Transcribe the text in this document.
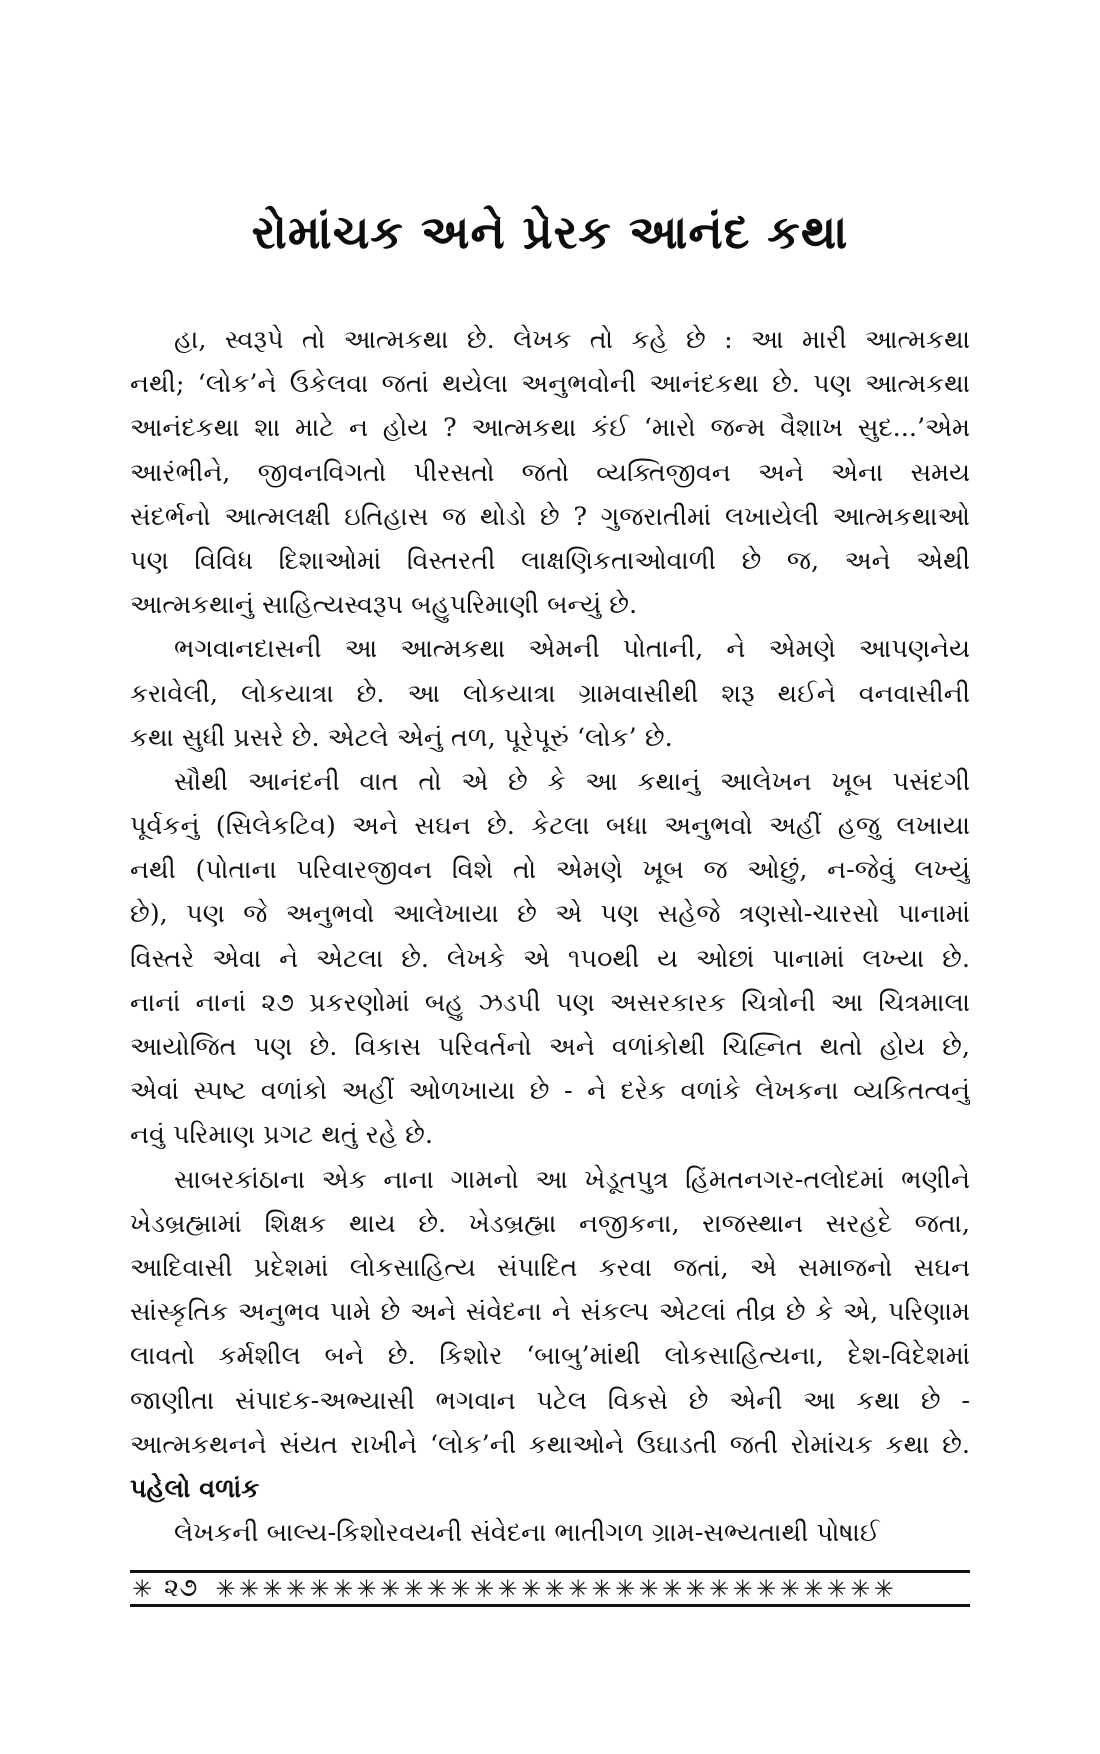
રોમાંચક અને પ્રેરક આનંદ કથા
હા, સ્વરૂપે તો આત્મકથા છે. લેખક તો કહે છે : આ મારી આત્મકથા
નથી; ‘લોક’ને ઉકેલવા જતાં થયેલા અનુભવોની આનંદકથા છે. પણ આત્મકથા
આનંદકથા શા માટે ન હોય ? આત્મકથા કંઈ ‘મારો જન્મ વૈશાખ સુદ...’એમ
આરંભીને, જીવનવિગતો પીરસતો જતો વ્યક્તિજીવન અને એના સમય
સંદર્ભનો આત્મલક્ષી ઇતિહાસ જ થોડો છે ? ગુજરાતીમાં લખાયેલી આત્મકથાઓ
પણ વિવિધ દિશાઓમાં વિસ્તરતી લાક્ષણિકતાઓવાળી છે જ, અને એથી
આત્મકથાનું સાહિત્યસ્વરૂપ બહુપરિમાણી બન્યું છે.
ભગવાનદાસની આ આત્મકથા એમની પોતાની, ને એમણે આપણનેય
કરાવેલી, લોકયાત્રા છે. આ લોકયાત્રા ગ્રામવાસીથી શરૂ થઈને વનવાસીની
કથા સુધી પ્રસરે છે. એટલે એનું તળ, પૂરેપૂરું ‘લોક’ છે.
સૌથી આનંદની વાત તો એ છે કે આ કથાનું આલેખન ખૂબ પસંદગી
પૂર્વકનું (સિલેકટિવ) અને સઘન છે. કેટલા બધા અનુભવો અહીં હજુ લખાયા
નથી (પોતાના પરિવારજીવન વિશે તો એમણે ખૂબ જ ઓછું, ન-જેવું લખ્યું
છે), પણ જે અનુભવો આલેખાયા છે એ પણ સહેજે ત્રણસો-ચારસો પાનામાં
વિસ્તરે એવા ને એટલા છે. લેખકે એ ૧૫૦થી ય ઓછાં પાનામાં લખ્યા છે.
નાનાં નાનાં ૨૭ પ્રકરણોમાં બહુ ઝડપી પણ અસરકારક ચિત્રોની આ ચિત્રમાલા
આયોજિત પણ છે. વિકાસ પરિવર્તનો અને વળાંકોથી ચિહ્નિત થતો હોય છે,
એવાં સ્પષ્ટ વળાંકો અહીં ઓળખાયા છે - ને દરેક વળાંકે લેખકના વ્યકિતત્વનું
નવું પરિમાણ પ્રગટ થતું રહે છે.
સાબરકાંઠાના એક નાના ગામનો આ ખેડૂતપુત્ર હિંમતનગર-તલોદમાં ભણીને
ખેડબ્રહ્મામાં શિક્ષક થાય છે. ખેડબ્રહ્મા નજીકના, રાજસ્થાન સરહદે જતા,
આદિવાસી પ્રદેશમાં લોકસાહિત્ય સંપાદિત કરવા જતાં, એ સમાજનો સઘન
સાંસ્કૃતિક અનુભવ પામે છે અને સંવેદના ને સંકલ્પ એટલાં તીવ્ર છે કે એ, પરિણામ
લાવતો કર્મશીલ બને છે. કિશોર ‘બાબુ’માંથી લોકસાહિત્યના, દેશ-વિદેશમાં
જાણીતા સંપાદક-અભ્યાસી ભગવાન પટેલ વિકસે છે એની આ કથા છે -
આત્મકથનને સંયત રાખીને ‘લોક’ની કથાઓને ઉઘાડતી જતી રોમાંચક કથા છે.
પહેલો વળાંક
લેખકની બાલ્ય-કિશોરવયની સંવેદના ભાતીગળ ગ્રામ-સભ્યતાથી પોષાઈ
✳ ૨૭ ✳✳✳✳✳✳✳✳✳✳✳✳✳✳✳✳✳✳✳✳✳✳✳✳✳✳✳✳✳
